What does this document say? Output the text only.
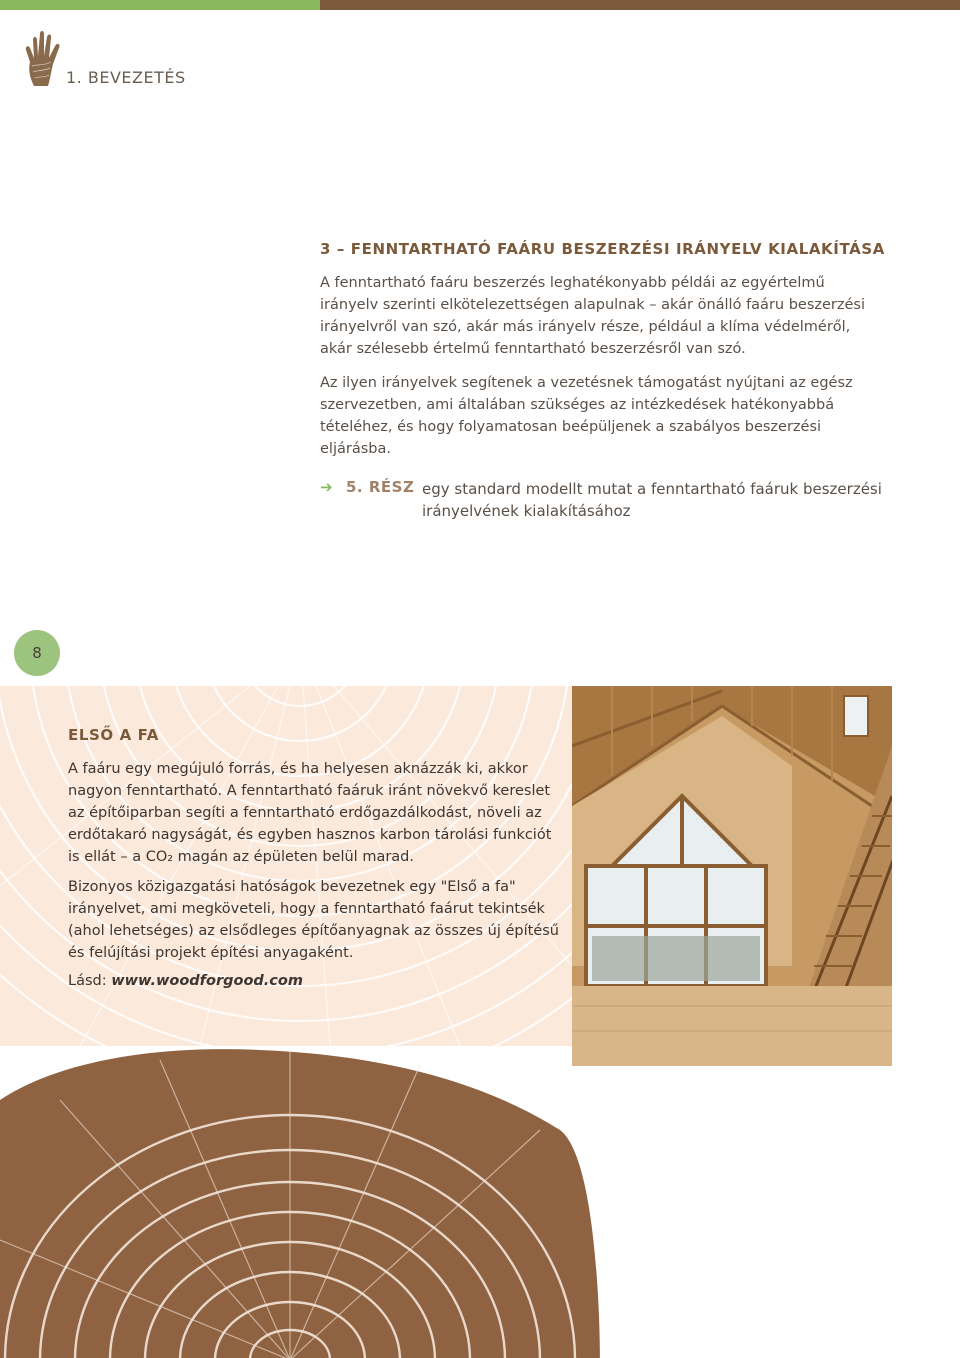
1. BEVEZETÉS
3 – FENNTARTHATÓ FAÁRU BESZERZÉSI IRÁNYELV KIALAKÍTÁSA

A fenntartható faáru beszerzés leghatékonyabb példái az egyértelmű irányelv szerinti elkötelezettségen alapulnak – akár önálló faáru beszerzési irányelvről van szó, akár más irányelv része, például a klíma védelméről, akár szélesebb értelmű fenntartható beszerzésről van szó.

Az ilyen irányelvek segítenek a vezetésnek támogatást nyújtani az egész szervezetben, ami általában szükséges az intézkedések hatékonyabbá tételéhez, és hogy folyamatosan beépüljenek a szabályos beszerzési eljárásba.

➔ 5. RÉSZ egy standard modellt mutat a fenntartható faáruk beszerzési irányelvének kialakításához
8
ELSŐ A FA

A faáru egy megújuló forrás, és ha helyesen aknázzák ki, akkor nagyon fenntartható. A fenntartható faáruk iránt növekvő kereslet az építőiparban segíti a fenntartható erdőgazdálkodást, növeli az erdőtakaró nagyságát, és egyben hasznos karbon tárolási funkciót is ellát – a CO₂ magán az épületen belül marad.

Bizonyos közigazgatási hatóságok bevezetnek egy "Első a fa" irányelvet, ami megköveteli, hogy a fenntartható faárut tekintsék (ahol lehetséges) az elsődleges építőanyagnak az összes új építésű és felújítási projekt építési anyagaként.

Lásd: www.woodforgood.com
